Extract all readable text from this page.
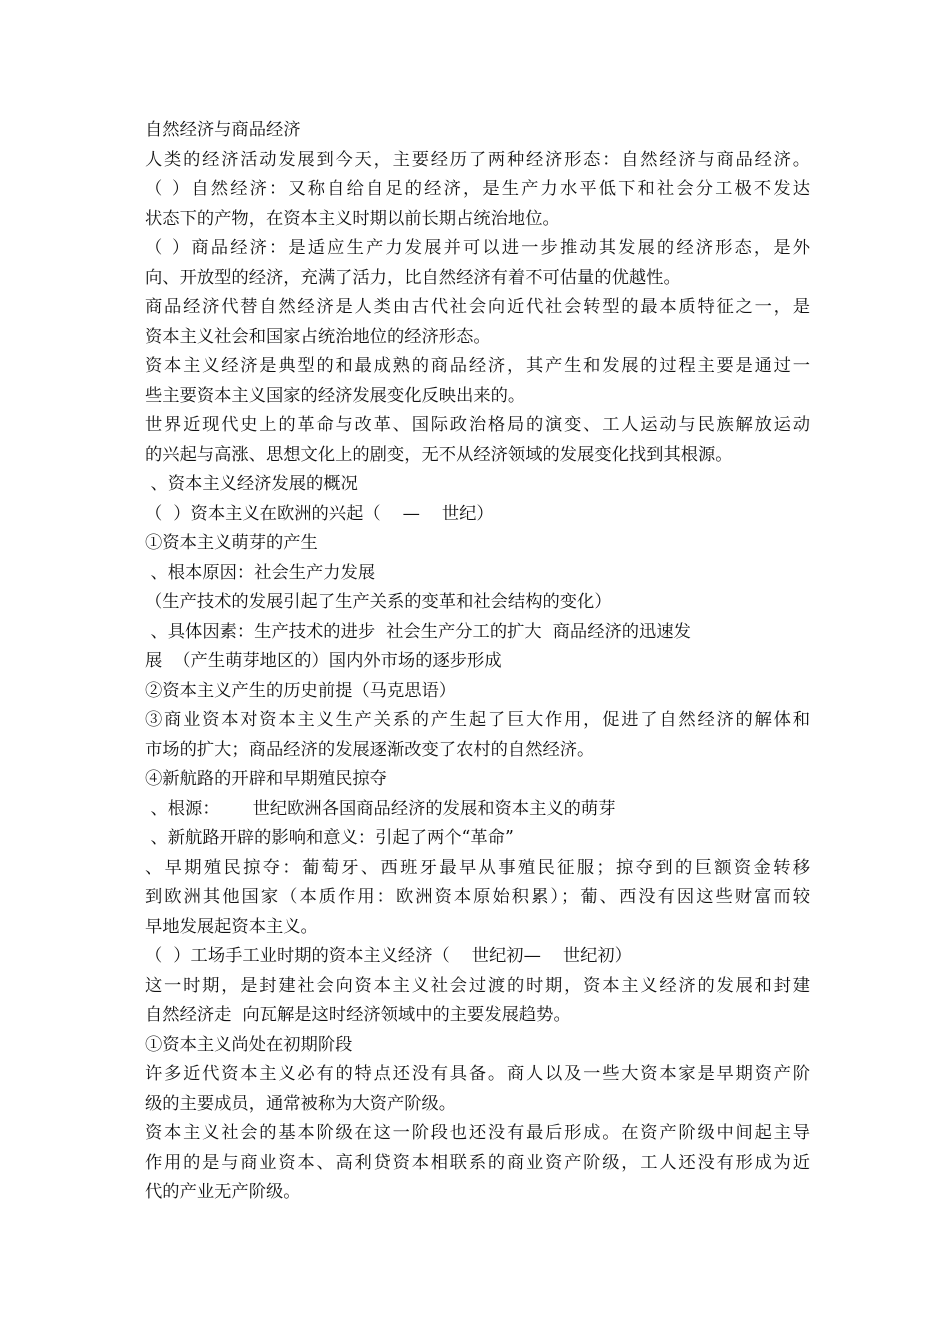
自然经济与商品经济
人类的经济活动发展到今天，主要经历了两种经济形态：自然经济与商品经济。
（ ）自然经济：又称自给自足的经济，是生产力水平低下和社会分工极不发达
状态下的产物，在资本主义时期以前长期占统治地位。
（ ）商品经济：是适应生产力发展并可以进一步推动其发展的经济形态，是外
向、开放型的经济，充满了活力，比自然经济有着不可估量的优越性。
商品经济代替自然经济是人类由古代社会向近代社会转型的最本质特征之一，是
资本主义社会和国家占统治地位的经济形态。
资本主义经济是典型的和最成熟的商品经济，其产生和发展的过程主要是通过一
些主要资本主义国家的经济发展变化反映出来的。
世界近现代史上的革命与改革、国际政治格局的演变、工人运动与民族解放运动
的兴起与高涨、思想文化上的剧变，无不从经济领域的发展变化找到其根源。
、资本主义经济发展的概况
（  ）资本主义在欧洲的兴起（    —    世纪）
①资本主义萌芽的产生
、根本原因：社会生产力发展
（生产技术的发展引起了生产关系的变革和社会结构的变化）
、具体因素：生产技术的进步  社会生产分工的扩大  商品经济的迅速发
展  （产生萌芽地区的）国内外市场的逐步形成
②资本主义产生的历史前提（马克思语）
③商业资本对资本主义生产关系的产生起了巨大作用，促进了自然经济的解体和
市场的扩大；商品经济的发展逐渐改变了农村的自然经济。
④新航路的开辟和早期殖民掠夺
、根源：      世纪欧洲各国商品经济的发展和资本主义的萌芽
、新航路开辟的影响和意义：引起了两个“革命”
、早期殖民掠夺：葡萄牙、西班牙最早从事殖民征服；掠夺到的巨额资金转移
到欧洲其他国家（本质作用：欧洲资本原始积累）；葡、西没有因这些财富而较
早地发展起资本主义。
（  ）工场手工业时期的资本主义经济（    世纪初—    世纪初）
这一时期，是封建社会向资本主义社会过渡的时期，资本主义经济的发展和封建
自然经济走  向瓦解是这时经济领域中的主要发展趋势。
①资本主义尚处在初期阶段
许多近代资本主义必有的特点还没有具备。商人以及一些大资本家是早期资产阶
级的主要成员，通常被称为大资产阶级。
资本主义社会的基本阶级在这一阶段也还没有最后形成。在资产阶级中间起主导
作用的是与商业资本、高利贷资本相联系的商业资产阶级，工人还没有形成为近
代的产业无产阶级。
